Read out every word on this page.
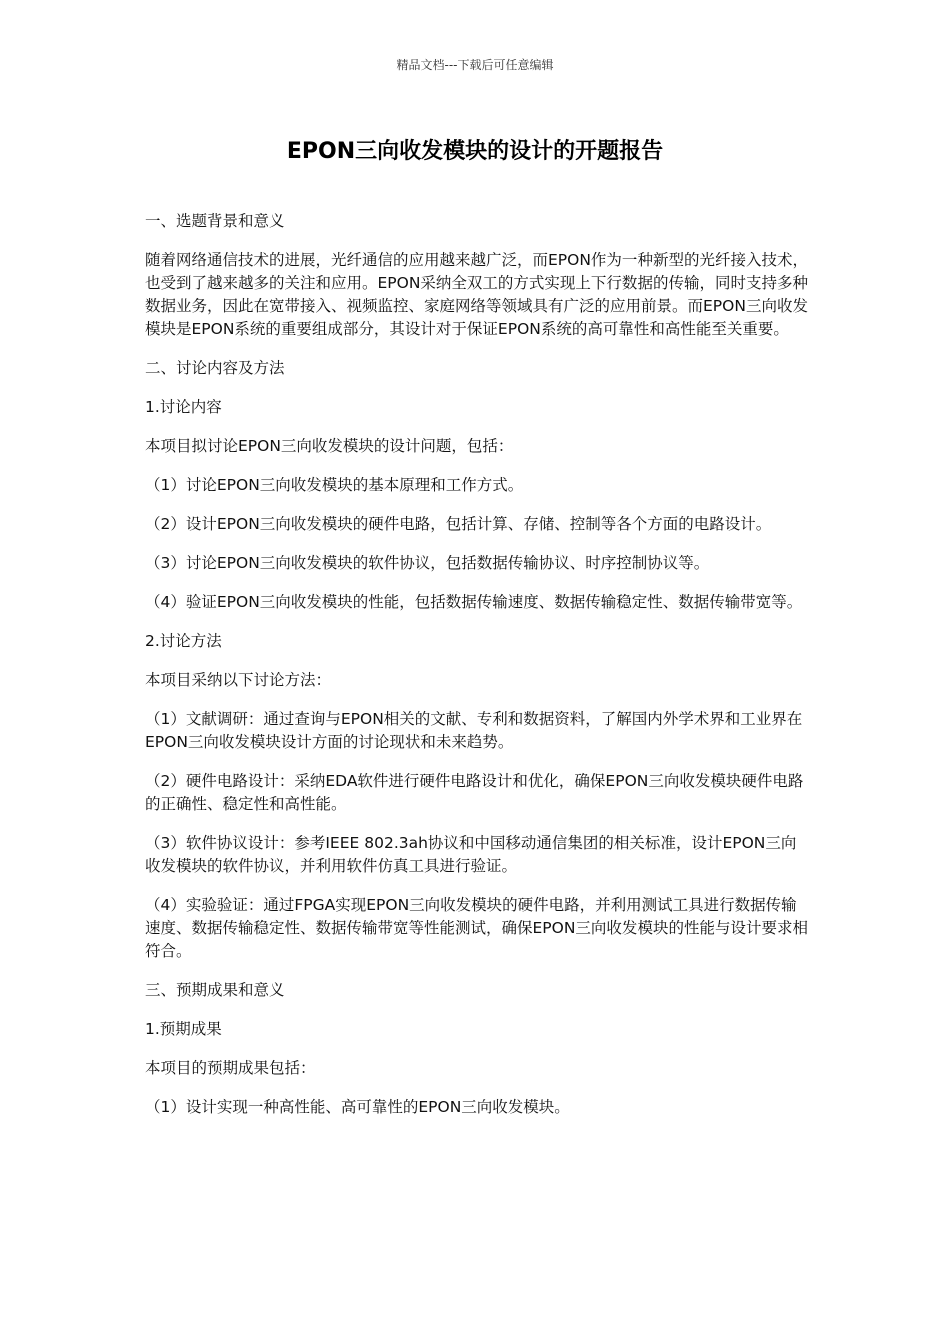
精品文档---下载后可任意编辑
EPON三向收发模块的设计的开题报告

一、选题背景和意义

随着网络通信技术的进展，光纤通信的应用越来越广泛，而EPON作为一种新型的光纤接入技术，也受到了越来越多的关注和应用。EPON采纳全双工的方式实现上下行数据的传输，同时支持多种数据业务，因此在宽带接入、视频监控、家庭网络等领域具有广泛的应用前景。而EPON三向收发模块是EPON系统的重要组成部分，其设计对于保证EPON系统的高可靠性和高性能至关重要。

二、讨论内容及方法

1.讨论内容

本项目拟讨论EPON三向收发模块的设计问题，包括：

（1）讨论EPON三向收发模块的基本原理和工作方式。

（2）设计EPON三向收发模块的硬件电路，包括计算、存储、控制等各个方面的电路设计。

（3）讨论EPON三向收发模块的软件协议，包括数据传输协议、时序控制协议等。

（4）验证EPON三向收发模块的性能，包括数据传输速度、数据传输稳定性、数据传输带宽等。

2.讨论方法

本项目采纳以下讨论方法：

（1）文献调研：通过查询与EPON相关的文献、专利和数据资料，了解国内外学术界和工业界在EPON三向收发模块设计方面的讨论现状和未来趋势。

（2）硬件电路设计：采纳EDA软件进行硬件电路设计和优化，确保EPON三向收发模块硬件电路的正确性、稳定性和高性能。

（3）软件协议设计：参考IEEE 802.3ah协议和中国移动通信集团的相关标准，设计EPON三向收发模块的软件协议，并利用软件仿真工具进行验证。

（4）实验验证：通过FPGA实现EPON三向收发模块的硬件电路，并利用测试工具进行数据传输速度、数据传输稳定性、数据传输带宽等性能测试，确保EPON三向收发模块的性能与设计要求相符合。

三、预期成果和意义

1.预期成果

本项目的预期成果包括：

（1）设计实现一种高性能、高可靠性的EPON三向收发模块。
